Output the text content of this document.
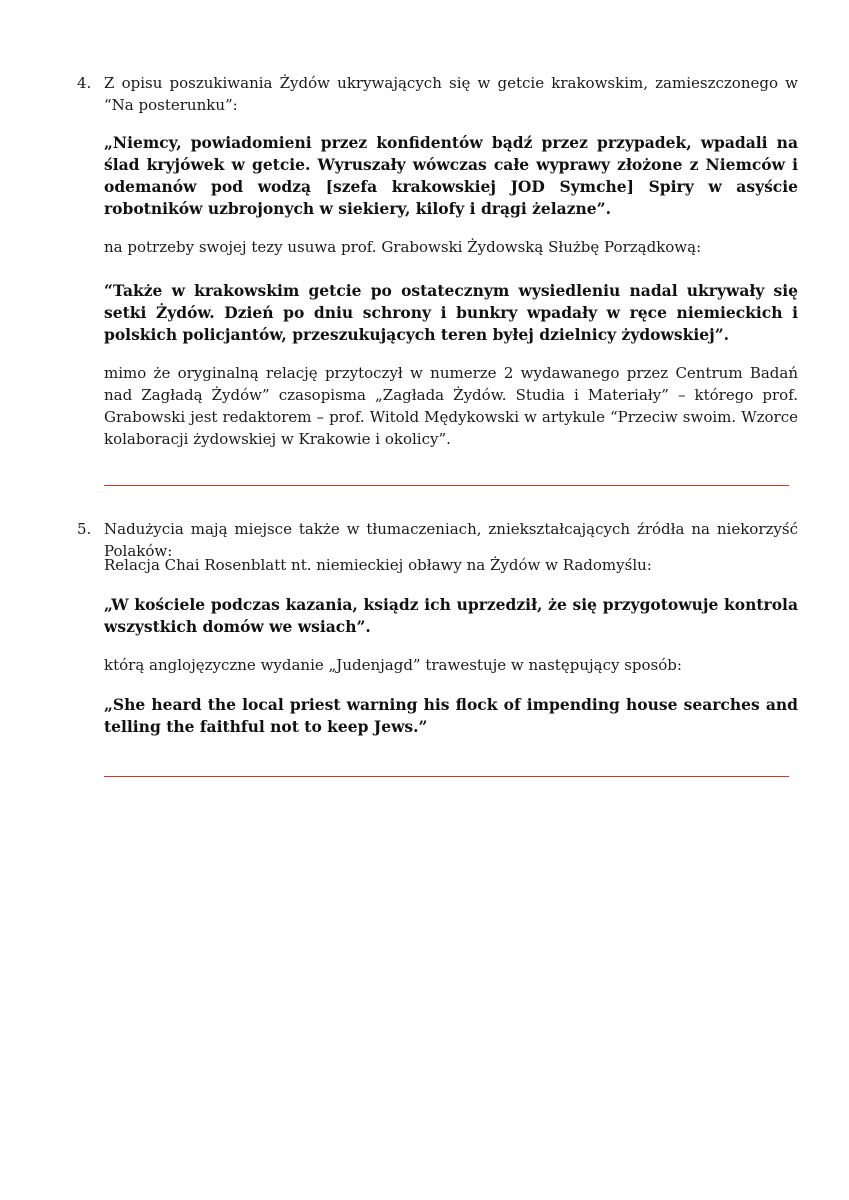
4. Z opisu poszukiwania Żydów ukrywających się w getcie krakowskim, zamieszczonego w “Na posterunku”:

„Niemcy, powiadomieni przez konfidentów bądź przez przypadek, wpadali na ślad kryjówek w getcie. Wyruszały wówczas całe wyprawy złożone z Niemców i odemanów pod wodzą [szefa krakowskiej JOD Symche] Spiry w asyście robotników uzbrojonych w siekiery, kilofy i drągi żelazne”.

na potrzeby swojej tezy usuwa prof. Grabowski Żydowską Służbę Porządkową:

“Także w krakowskim getcie po ostatecznym wysiedleniu nadal ukrywały się setki Żydów. Dzień po dniu schrony i bunkry wpadały w ręce niemieckich i polskich policjantów, przeszukujących teren byłej dzielnicy żydowskiej”.

mimo że oryginalną relację przytoczył w numerze 2 wydawanego przez Centrum Badań nad Zagładą Żydów” czasopisma „Zagłada Żydów. Studia i Materiały” – którego prof. Grabowski jest redaktorem – prof. Witold Mędykowski w artykule “Przeciw swoim. Wzorce kolaboracji żydowskiej w Krakowie i okolicy”.

5. Nadużycia mają miejsce także w tłumaczeniach, zniekształcających źródła na niekorzyść Polaków:

Relacja Chai Rosenblatt nt. niemieckiej obławy na Żydów w Radomyślu:

„W kościele podczas kazania, ksiądz ich uprzedził, że się przygotowuje kontrola wszystkich domów we wsiach”.

którą anglojęzyczne wydanie „Judenjagd” trawestuje w następujący sposób:

„She heard the local priest warning his flock of impending house searches and telling the faithful not to keep Jews.”
